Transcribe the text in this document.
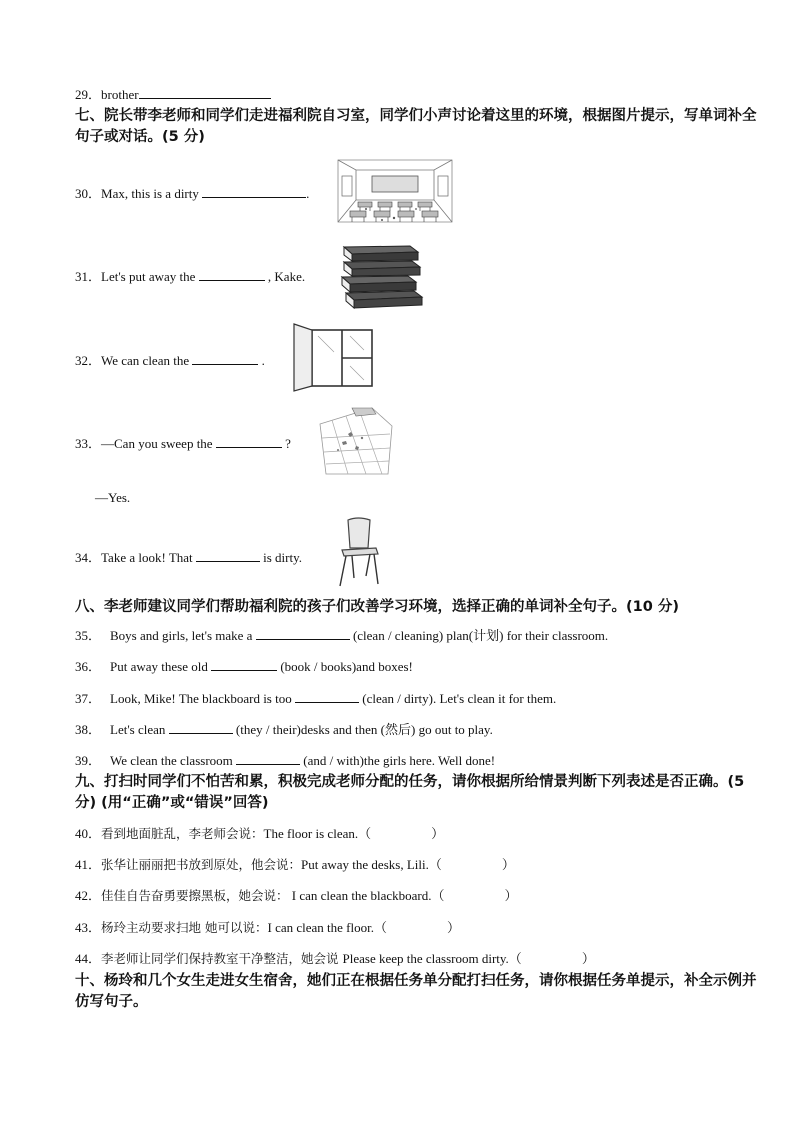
29．brother
七、院长带李老师和同学们走进福利院自习室，同学们小声讨论着这里的环境，根据图片提示，写单词补全句子或对话。(5 分)
30．Max, this is a dirty	.
31．Let's put away the	, Kake.
32．We can clean the	.
33．—Can you sweep the	?
—Yes.
34．Take a look! That	is dirty.
八、李老师建议同学们帮助福利院的孩子们改善学习环境，选择正确的单词补全句子。(10 分)
35． Boys and girls, let's make a	(clean / cleaning) plan(计划) for their classroom.
36． Put away these old	(book / books)and boxes!
37． Look, Mike! The blackboard is too	(clean / dirty). Let's clean it for them.
38． Let's clean	(they / their)desks and then (然后) go out to play.
39． We clean the classroom	(and / with)the girls here. Well done!
九、打扫时同学们不怕苦和累，积极完成老师分配的任务，请你根据所给情景判断下列表述是否正确。(5 分) (用“正确”或“错误”回答)
40．看到地面脏乱，李老师会说：The floor is clean.（	）
41．张华让丽丽把书放到原处，他会说：Put away the desks, Lili.（	）
42．佳佳自告奋勇要擦黑板，她会说： I can clean the blackboard.（	）
43．杨玲主动要求扫地 她可以说：I can clean the floor.（	）
44．李老师让同学们保持教室干净整洁，她会说 Please keep the classroom dirty.（	）
十、杨玲和几个女生走进女生宿舍，她们正在根据任务单分配打扫任务，请你根据任务单提示，补全示例并仿写句子。
